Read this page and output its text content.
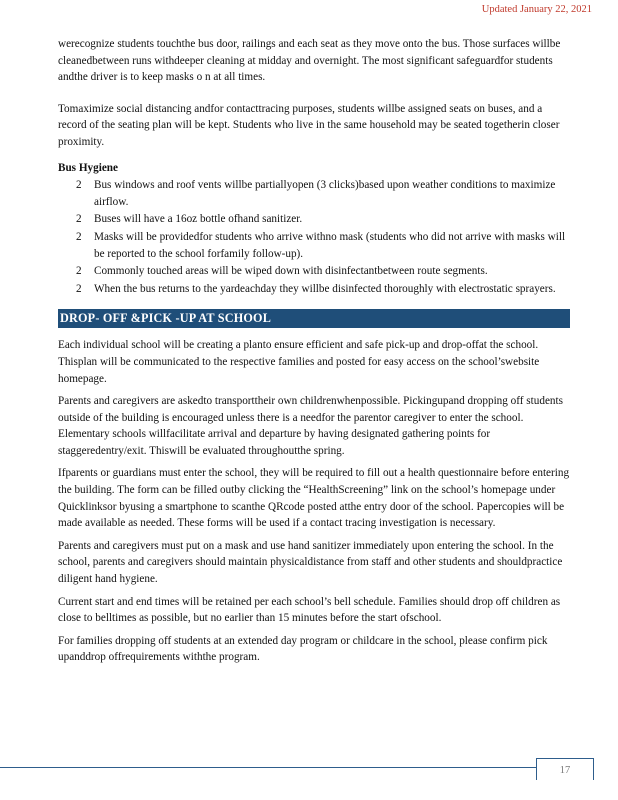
Updated January 22, 2021

werecognize students touchthe bus door, railings and each seat as they move onto the bus. Those surfaces willbe cleanedbetween runs withdeeper cleaning at midday and overnight. The most significant safeguardfor students andthe driver is to keep masks o n at all times.

Tomaximize social distancing andfor contacttracing purposes, students willbe assigned seats on buses, and a record of the seating plan will be kept. Students who live in the same household may be seated togetherin closer proximity.

Bus Hygiene
2 Bus windows and roof vents willbe partiallyopen (3 clicks)based upon weather conditions to maximize airflow.
2 Buses will have a 16oz bottle ofhand sanitizer.
2 Masks will be providedfor students who arrive withno mask (students who did not arrive with masks will be reported to the school forfamily follow-up).
2 Commonly touched areas will be wiped down with disinfectantbetween route segments.
2 When the bus returns to the yardeachday they willbe disinfected thoroughly with electrostatic sprayers.
DROP- OFF &PICK -UP AT SCHOOL

Each individual school will be creating a planto ensure efficient and safe pick-up and drop-offat the school. Thisplan will be communicated to the respective families and posted for easy access on the school’swebsite homepage.

Parents and caregivers are askedto transporttheir own childrenwhenpossible. Pickingupand dropping off students outside of the building is encouraged unless there is a needfor the parentor caregiver to enter the school. Elementary schools willfacilitate arrival and departure by having designated gathering points for staggeredentry/exit. Thiswill be evaluated throughoutthe spring.

Ifparents or guardians must enter the school, they will be required to fill out a health questionnaire before entering the building. The form can be filled outby clicking the “HealthScreening” link on the school’s homepage under Quicklinksor byusing a smartphone to scanthe QRcode posted atthe entry door of the school. Papercopies will be made available as needed. These forms will be used if a contact tracing investigation is necessary.

Parents and caregivers must put on a mask and use hand sanitizer immediately upon entering the school. In the school, parents and caregivers should maintain physicaldistance from staff and other students and shouldpractice diligent hand hygiene.

Current start and end times will be retained per each school’s bell schedule. Families should drop off children as close to belltimes as possible, but no earlier than 15 minutes before the start ofschool.

For families dropping off students at an extended day program or childcare in the school, please confirm pick upanddrop offrequirements withthe program.

17
